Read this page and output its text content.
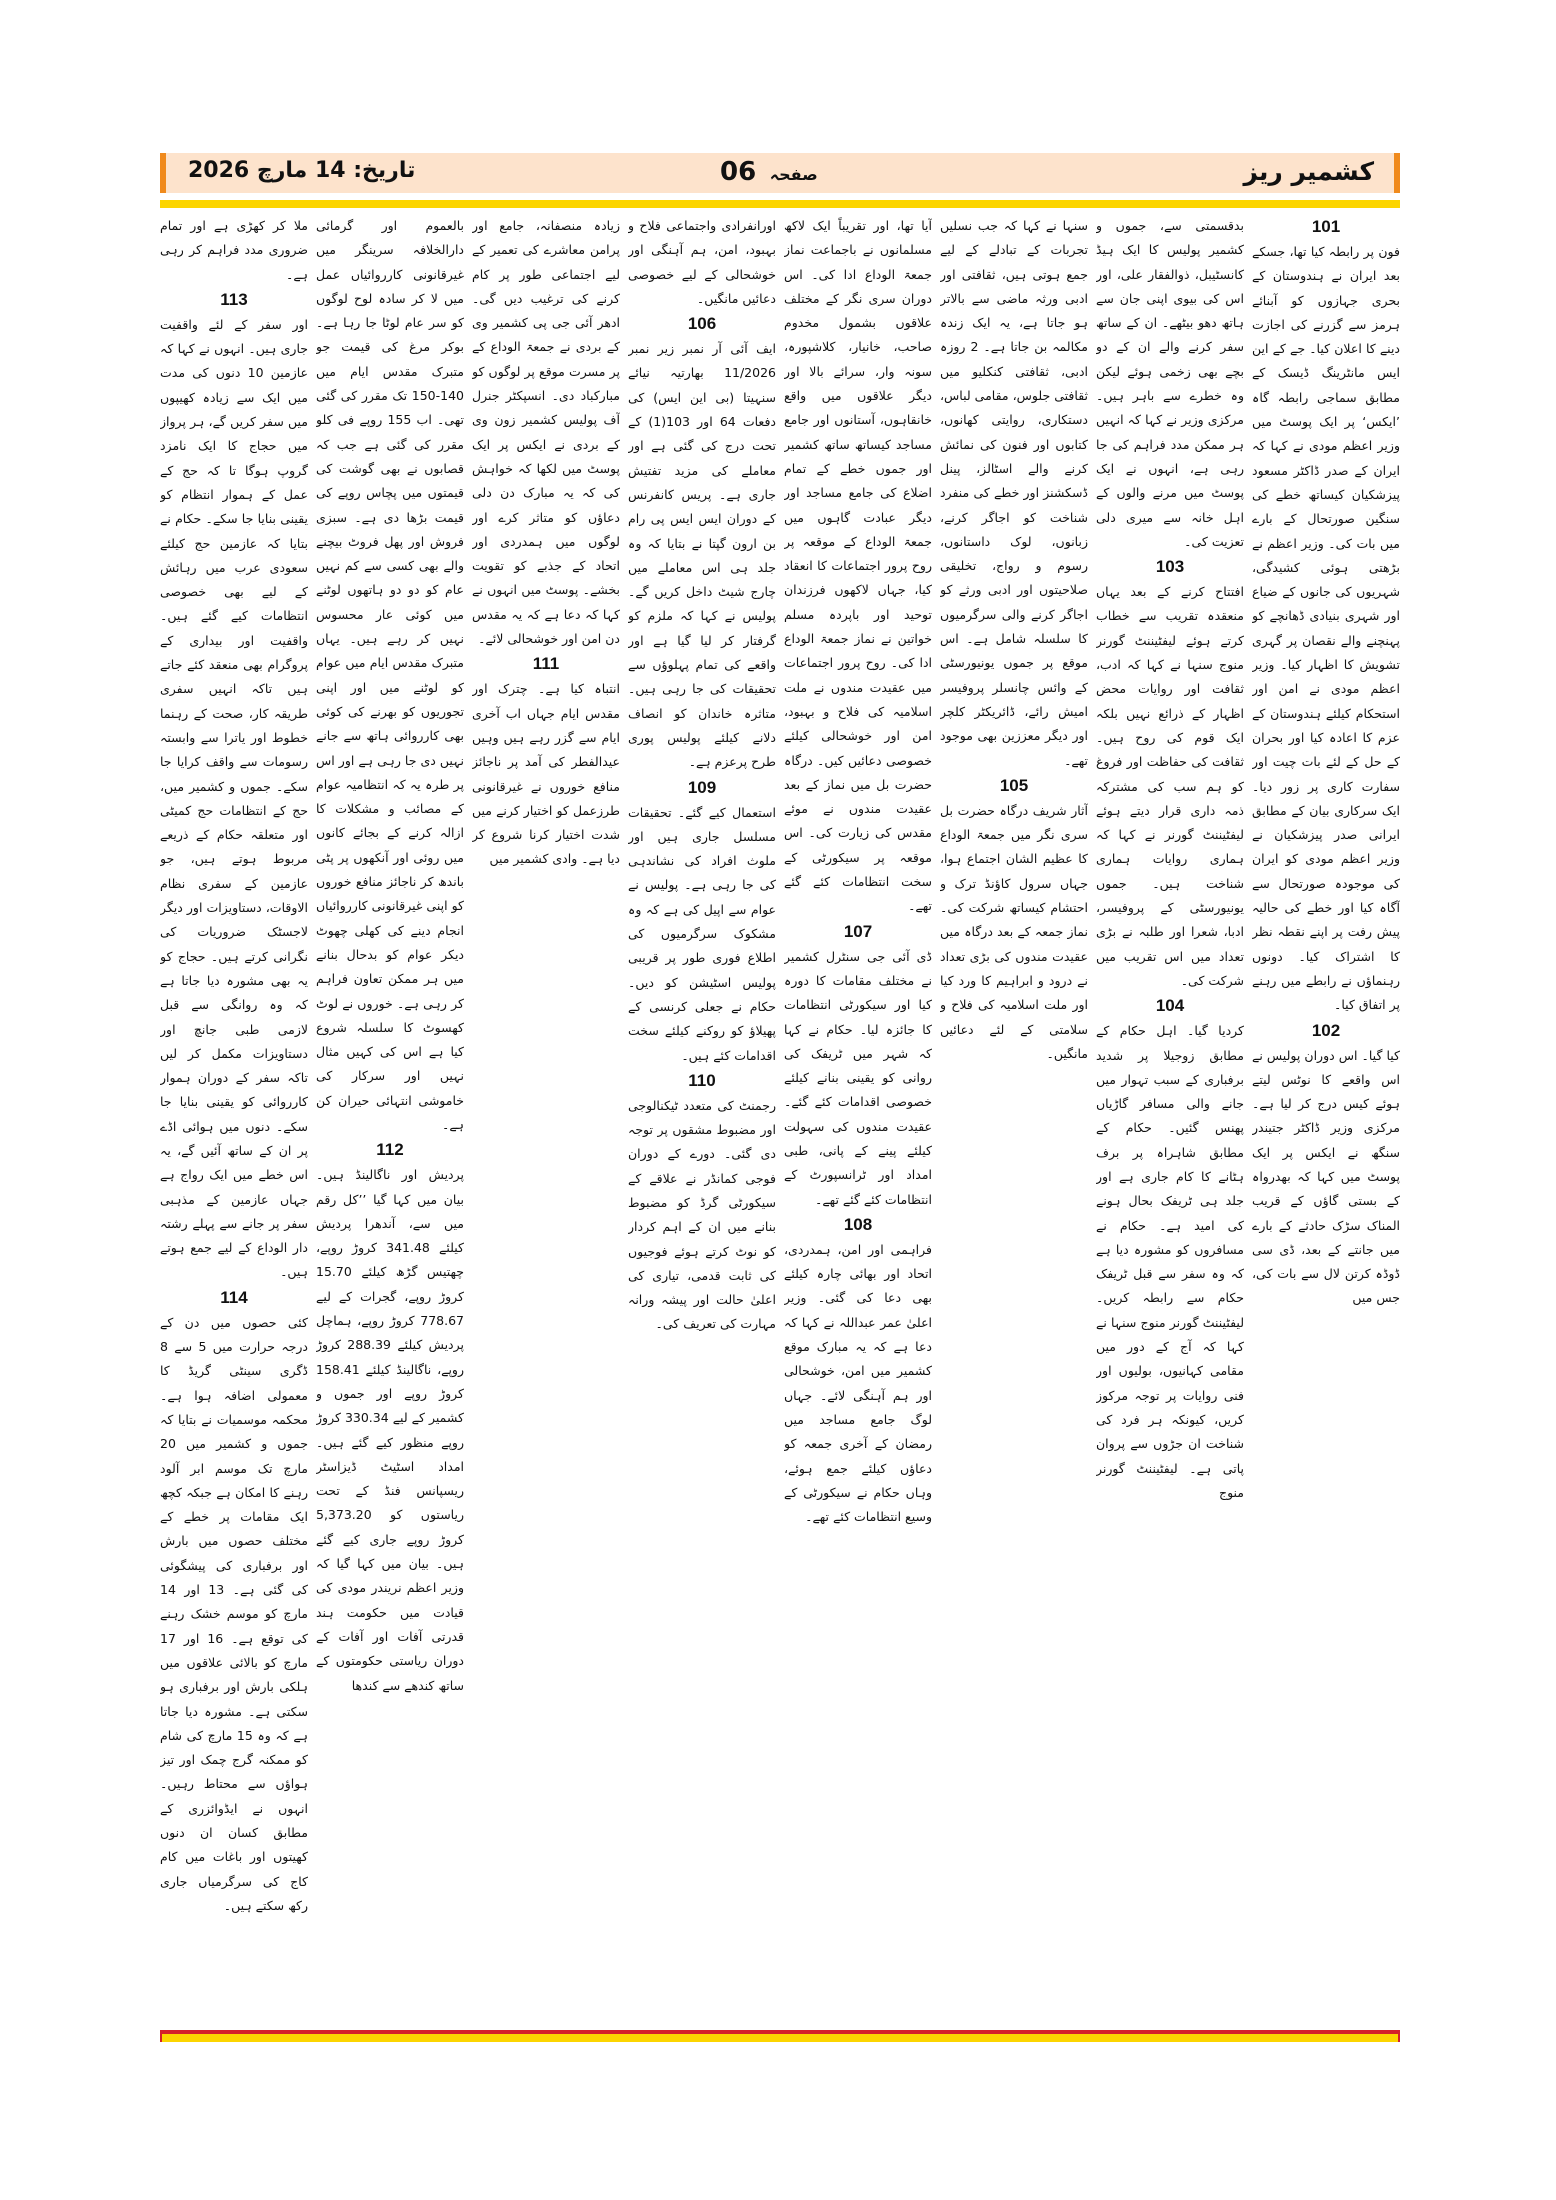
کشمیر ریز
صفحہ 06
تاریخ: 14 مارچ 2026
101

فون پر رابطہ کیا تھا، جسکے بعد ایران نے ہندوستان کے بحری جہازوں کو آبنائے ہرمز سے گزرنے کی اجازت دینے کا اعلان کیا۔ جے کے این ایس مانٹرینگ ڈیسک کے مطابق سماجی رابطہ گاہ ’ایکس‘ پر ایک پوسٹ میں وزیر اعظم مودی نے کہا کہ ایران کے صدر ڈاکٹر مسعود پیزشکیان کیساتھ خطے کی سنگین صورتحال کے بارے میں بات کی۔ وزیر اعظم نے بڑھتی ہوئی کشیدگی، شہریوں کی جانوں کے ضیاع اور شہری بنیادی ڈھانچے کو پہنچنے والے نقصان پر گہری تشویش کا اظہار کیا۔ وزیر اعظم مودی نے امن اور استحکام کیلئے ہندوستان کے عزم کا اعادہ کیا اور بحران کے حل کے لئے بات چیت اور سفارت کاری پر زور دیا۔ ایک سرکاری بیان کے مطابق ایرانی صدر پیزشکیان نے وزیر اعظم مودی کو ایران کی موجودہ صورتحال سے آگاہ کیا اور خطے کی حالیہ پیش رفت پر اپنے نقطہ نظر کا اشتراک کیا۔ دونوں رہنماؤں نے رابطے میں رہنے پر اتفاق کیا۔

102

کیا گیا۔ اس دوران پولیس نے اس واقعے کا نوٹس لیتے ہوئے کیس درج کر لیا ہے۔ مرکزی وزیر ڈاکٹر جتیندر سنگھ نے ایکس پر ایک پوسٹ میں کہا کہ بھدرواہ کے بستی گاؤں کے قریب المناک سڑک حادثے کے بارے میں جانتے کے بعد، ڈی سی ڈوڈہ کرتن لال سے بات کی، جس میں

بدقسمتی سے، جموں و کشمیر پولیس کا ایک ہیڈ کانسٹیبل، ذوالفقار علی، اور اس کی بیوی اپنی جان سے ہاتھ دھو بیٹھے۔ ان کے ساتھ سفر کرنے والے ان کے دو بچے بھی زخمی ہوئے لیکن وہ خطرے سے باہر ہیں۔ مرکزی وزیر نے کہا کہ انہیں ہر ممکن مدد فراہم کی جا رہی ہے، انہوں نے ایک پوسٹ میں مرنے والوں کے اہل خانہ سے میری دلی تعزیت کی۔

103

افتتاح کرنے کے بعد یہاں منعقدہ تقریب سے خطاب کرتے ہوئے لیفٹیننٹ گورنر منوج سنہا نے کہا کہ ادب، ثقافت اور روایات محض اظہار کے ذرائع نہیں بلکہ ایک قوم کی روح ہیں۔ ثقافت کی حفاظت اور فروغ کو ہم سب کی مشترکہ ذمہ داری قرار دیتے ہوئے لیفٹیننٹ گورنر نے کہا کہ ہماری روایات ہماری شناخت ہیں۔ جموں یونیورسٹی کے پروفیسر، ادبا، شعرا اور طلبہ نے بڑی تعداد میں اس تقریب میں شرکت کی۔

104

کردیا گیا۔ اہل حکام کے مطابق زوجیلا پر شدید برفباری کے سبب تہوار میں جانے والی مسافر گاڑیاں پھنس گئیں۔ حکام کے مطابق شاہراہ پر برف ہٹانے کا کام جاری ہے اور جلد ہی ٹریفک بحال ہونے کی امید ہے۔ حکام نے مسافروں کو مشورہ دیا ہے کہ وہ سفر سے قبل ٹریفک حکام سے رابطہ کریں۔ لیفٹیننٹ گورنر منوج سنہا نے کہا کہ آج کے دور میں مقامی کہانیوں، بولیوں اور فنی روایات پر توجہ مرکوز کریں، کیونکہ ہر فرد کی شناخت ان جڑوں سے پروان پاتی ہے۔ لیفٹیننٹ گورنر منوج

سنہا نے کہا کہ جب نسلیں تجربات کے تبادلے کے لیے جمع ہوتی ہیں، ثقافتی اور ادبی ورثہ ماضی سے بالاتر ہو جاتا ہے، یہ ایک زندہ مکالمہ بن جاتا ہے۔ 2 روزہ ادبی، ثقافتی کنکلیو میں ثقافتی جلوس، مقامی لباس، دستکاری، روایتی کھانوں، کتابوں اور فنون کی نمائش کرنے والے اسٹالز، پینل ڈسکشنز اور خطے کی منفرد شناخت کو اجاگر کرنے، زبانوں، لوک داستانوں، رسوم و رواج، تخلیقی صلاحیتوں اور ادبی ورثے کو اجاگر کرنے والی سرگرمیوں کا سلسلہ شامل ہے۔ اس موقع پر جموں یونیورسٹی کے وائس چانسلر پروفیسر امیش رائے، ڈائریکٹر کلچر اور دیگر معززین بھی موجود تھے۔

105

آثار شریف درگاہ حضرت بل سری نگر میں جمعۃ الوداع کا عظیم الشان اجتماع ہوا، جہاں سرول کاؤنڈ ترک و احتشام کیساتھ شرکت کی۔ نماز جمعہ کے بعد درگاہ میں عقیدت مندوں کی بڑی تعداد نے درود و ابراہیم کا ورد کیا اور ملت اسلامیہ کی فلاح و سلامتی کے لئے دعائیں مانگیں۔

آیا تھا، اور تقریباً ایک لاکھ مسلمانوں نے باجماعت نماز جمعۃ الوداع ادا کی۔ اس دوران سری نگر کے مختلف علاقوں بشمول مخدوم صاحب، خانیار، کلاشپورہ، سونہ وار، سرائے بالا اور دیگر علاقوں میں واقع خانقاہوں، آستانوں اور جامع مساجد کیساتھ ساتھ کشمیر اور جموں خطے کے تمام اضلاع کی جامع مساجد اور دیگر عبادت گاہوں میں جمعۃ الوداع کے موقعہ پر روح پرور اجتماعات کا انعقاد کیا، جہاں لاکھوں فرزندان توحید اور باپردہ مسلم خواتین نے نماز جمعۃ الوداع ادا کی۔ روح پرور اجتماعات میں عقیدت مندوں نے ملت اسلامیہ کی فلاح و بہبود، امن اور خوشحالی کیلئے خصوصی دعائیں کیں۔ درگاہ حضرت بل میں نماز کے بعد عقیدت مندوں نے موئے مقدس کی زیارت کی۔ اس موقعہ پر سیکورٹی کے سخت انتظامات کئے گئے تھے۔

107

ڈی آئی جی سنٹرل کشمیر نے مختلف مقامات کا دورہ کیا اور سیکورٹی انتظامات کا جائزہ لیا۔ حکام نے کہا کہ شہر میں ٹریفک کی روانی کو یقینی بنانے کیلئے خصوصی اقدامات کئے گئے۔ عقیدت مندوں کی سہولت کیلئے پینے کے پانی، طبی امداد اور ٹرانسپورٹ کے انتظامات کئے گئے تھے۔

108

فراہمی اور امن، ہمدردی، اتحاد اور بھائی چارہ کیلئے بھی دعا کی گئی۔ وزیر اعلیٰ عمر عبداللہ نے کہا کہ دعا ہے کہ یہ مبارک موقع کشمیر میں امن، خوشحالی اور ہم آہنگی لائے۔ جہاں لوگ جامع مساجد میں رمضان کے آخری جمعہ کو دعاؤں کیلئے جمع ہوئے، وہاں حکام نے سیکورٹی کے وسیع انتظامات کئے تھے۔

اورانفرادی واجتماعی فلاح و بہبود، امن، ہم آہنگی اور خوشحالی کے لیے خصوصی دعائیں مانگیں۔

106

ایف آئی آر نمبر زیر نمبر 11/2026 بھارتیہ نیائے سنہیتا (بی این ایس) کی دفعات 64 اور 103(1) کے تحت درج کی گئی ہے اور معاملے کی مزید تفتیش جاری ہے۔ پریس کانفرنس کے دوران ایس ایس پی رام بن ارون گپتا نے بتایا کہ وہ جلد ہی اس معاملے میں چارج شیٹ داخل کریں گے۔ پولیس نے کہا کہ ملزم کو گرفتار کر لیا گیا ہے اور واقعے کی تمام پہلوؤں سے تحقیقات کی جا رہی ہیں۔ متاثرہ خاندان کو انصاف دلانے کیلئے پولیس پوری طرح پرعزم ہے۔

109

استعمال کیے گئے۔ تحقیقات مسلسل جاری ہیں اور ملوث افراد کی نشاندہی کی جا رہی ہے۔ پولیس نے عوام سے اپیل کی ہے کہ وہ مشکوک سرگرمیوں کی اطلاع فوری طور پر قریبی پولیس اسٹیشن کو دیں۔ حکام نے جعلی کرنسی کے پھیلاؤ کو روکنے کیلئے سخت اقدامات کئے ہیں۔

110

رجمنٹ کی متعدد ٹیکنالوجی اور مضبوط مشقوں پر توجہ دی گئی۔ دورے کے دوران فوجی کمانڈر نے علاقے کے سیکورٹی گرڈ کو مضبوط بنانے میں ان کے اہم کردار کو نوٹ کرتے ہوئے فوجیوں کی ثابت قدمی، تیاری کی اعلیٰ حالت اور پیشہ ورانہ مہارت کی تعریف کی۔

زیادہ منصفانہ، جامع اور پرامن معاشرے کی تعمیر کے لیے اجتماعی طور پر کام کرنے کی ترغیب دیں گی۔ ادھر آئی جی پی کشمیر وی کے بردی نے جمعۃ الوداع کے پر مسرت موقع پر لوگوں کو مبارکباد دی۔ انسپکٹر جنرل آف پولیس کشمیر زون وی کے بردی نے ایکس پر ایک پوسٹ میں لکھا کہ خواہش کی کہ یہ مبارک دن دلی دعاؤں کو متاثر کرے اور لوگوں میں ہمدردی اور اتحاد کے جذبے کو تقویت بخشے۔ پوسٹ میں انہوں نے کہا کہ دعا ہے کہ یہ مقدس دن امن اور خوشحالی لائے۔

111

انتباہ کیا ہے۔ چترک اور مقدس ایام جہاں اب آخری ایام سے گزر رہے ہیں وہیں عیدالفطر کی آمد پر ناجائز منافع خوروں نے غیرقانونی طرزعمل کو اختیار کرنے میں شدت اختیار کرنا شروع کر دیا ہے۔ وادی کشمیر میں

بالعموم اور گرمائی دارالخلافہ سرینگر میں غیرقانونی کارروائیاں عمل میں لا کر سادہ لوح لوگوں کو سر عام لوٹا جا رہا ہے۔ بوکر مرغ کی قیمت جو متبرک مقدس ایام میں 140-150 تک مقرر کی گئی تھی۔ اب 155 روپے فی کلو مقرر کی گئی ہے جب کہ قصابوں نے بھی گوشت کی قیمتوں میں پچاس روپے کی قیمت بڑھا دی ہے۔ سبزی فروش اور پھل فروٹ بیچنے والے بھی کسی سے کم نہیں عام کو دو دو ہاتھوں لوٹنے میں کوئی عار محسوس نہیں کر رہے ہیں۔ یہاں متبرک مقدس ایام میں عوام کو لوٹنے میں اور اپنی تجوریوں کو بھرنے کی کوئی بھی کارروائی ہاتھ سے جانے نہیں دی جا رہی ہے اور اس پر طرہ یہ کہ انتظامیہ عوام کے مصائب و مشکلات کا ازالہ کرنے کے بجائے کانوں میں روئی اور آنکھوں پر پٹی باندھ کر ناجائز منافع خوروں کو اپنی غیرقانونی کارروائیاں انجام دینے کی کھلی چھوٹ دیکر عوام کو بدحال بنانے میں ہر ممکن تعاون فراہم کر رہی ہے۔ خوروں نے لوٹ کھسوٹ کا سلسلہ شروع کیا ہے اس کی کہیں مثال نہیں اور سرکار کی خاموشی انتہائی حیران کن ہے۔

112

پردیش اور ناگالینڈ ہیں۔ بیان میں کہا گیا ’’کل رقم میں سے، آندھرا پردیش کیلئے 341.48 کروڑ روپے، چھتیس گڑھ کیلئے 15.70 کروڑ روپے، گجرات کے لیے 778.67 کروڑ روپے، ہماچل پردیش کیلئے 288.39 کروڑ روپے، ناگالینڈ کیلئے 158.41 کروڑ روپے اور جموں و کشمیر کے لیے 330.34 کروڑ روپے منظور کیے گئے ہیں۔ امداد اسٹیٹ ڈیزاسٹر ریسپانس فنڈ کے تحت ریاستوں کو 5,373.20 کروڑ روپے جاری کیے گئے ہیں۔ بیان میں کہا گیا کہ وزیر اعظم نریندر مودی کی قیادت میں حکومت ہند قدرتی آفات اور آفات کے دوران ریاستی حکومتوں کے ساتھ کندھے سے کندھا

ملا کر کھڑی ہے اور تمام ضروری مدد فراہم کر رہی ہے۔

113

اور سفر کے لئے واقفیت جاری ہیں۔ انہوں نے کہا کہ عازمین 10 دنوں کی مدت میں ایک سے زیادہ کھیپوں میں سفر کریں گے، ہر پرواز میں حجاج کا ایک نامزد گروپ ہوگا تا کہ حج کے عمل کے ہموار انتظام کو یقینی بنایا جا سکے۔ حکام نے بتایا کہ عازمین حج کیلئے سعودی عرب میں رہائش کے لیے بھی خصوصی انتظامات کیے گئے ہیں۔ واقفیت اور بیداری کے پروگرام بھی منعقد کئے جاتے ہیں تاکہ انہیں سفری طریقہ کار، صحت کے رہنما خطوط اور یاترا سے وابستہ رسومات سے واقف کرایا جا سکے۔ جموں و کشمیر میں، حج کے انتظامات حج کمیٹی اور متعلقہ حکام کے ذریعے مربوط ہوتے ہیں، جو عازمین کے سفری نظام الاوقات، دستاویزات اور دیگر لاجسٹک ضروریات کی نگرانی کرتے ہیں۔ حجاج کو یہ بھی مشورہ دیا جاتا ہے کہ وہ روانگی سے قبل لازمی طبی جانچ اور دستاویزات مکمل کر لیں تاکہ سفر کے دوران ہموار کارروائی کو یقینی بنایا جا سکے۔ دنوں میں ہوائی اڈے پر ان کے ساتھ آئیں گے، یہ اس خطے میں ایک رواج ہے جہاں عازمین کے مذہبی سفر پر جانے سے پہلے رشتہ دار الوداع کے لیے جمع ہوتے ہیں۔

114

کئی حصوں میں دن کے درجہ حرارت میں 5 سے 8 ڈگری سینٹی گریڈ کا معمولی اضافہ ہوا ہے۔ محکمہ موسمیات نے بتایا کہ جموں و کشمیر میں 20 مارچ تک موسم ابر آلود رہنے کا امکان ہے جبکہ کچھ ایک مقامات پر خطے کے مختلف حصوں میں بارش اور برفباری کی پیشگوئی کی گئی ہے۔ 13 اور 14 مارچ کو موسم خشک رہنے کی توقع ہے۔ 16 اور 17 مارچ کو بالائی علاقوں میں ہلکی بارش اور برفباری ہو سکتی ہے۔ مشورہ دیا جاتا ہے کہ وہ 15 مارچ کی شام کو ممکنہ گرج چمک اور تیز ہواؤں سے محتاط رہیں۔ انہوں نے ایڈوائزری کے مطابق کسان ان دنوں کھیتوں اور باغات میں کام کاج کی سرگرمیاں جاری رکھ سکتے ہیں۔
